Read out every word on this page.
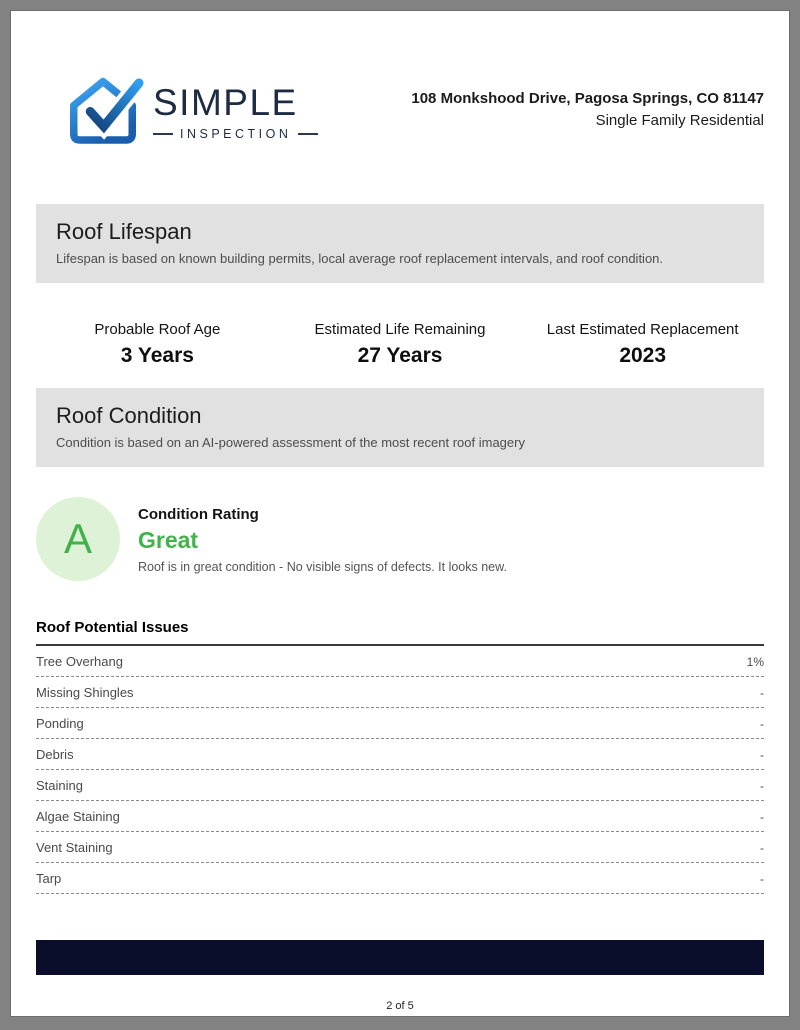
SIMPLE
INSPECTION
108 Monkshood Drive, Pagosa Springs, CO 81147
Single Family Residential
Roof Lifespan
Lifespan is based on known building permits, local average roof replacement intervals, and roof condition.
Probable Roof Age
3 Years
Estimated Life Remaining
27 Years
Last Estimated Replacement
2023
Roof Condition
Condition is based on an AI-powered assessment of the most recent roof imagery
A
Condition Rating
Great
Roof is in great condition - No visible signs of defects. It looks new.
Roof Potential Issues
Tree Overhang	1%
Missing Shingles	-
Ponding	-
Debris	-
Staining	-
Algae Staining	-
Vent Staining	-
Tarp	-
2 of 5
